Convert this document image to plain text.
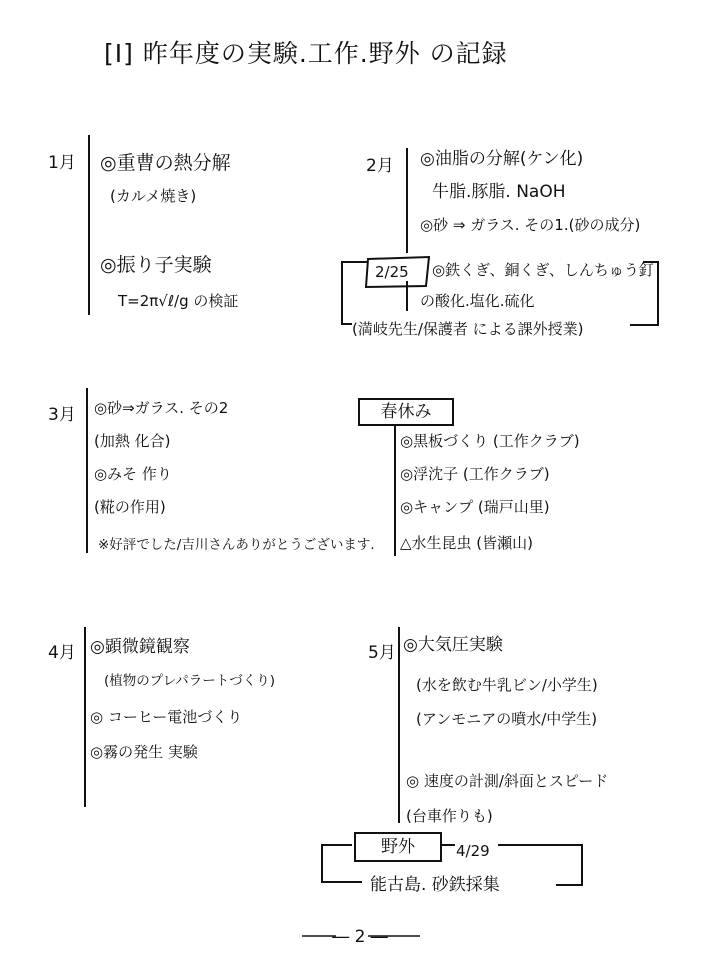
[I] 昨年度の実験.工作.野外 の記録
1月 ◎重曹の熱分解
(カルメ焼き)
◎振り子実験
T=2π√ℓ/g の検証
2月 ◎油脂の分解(ケン化)
牛脂.豚脂. NaOH
◎砂 ⇒ ガラス. その1.(砂の成分)
2/25 ◎鉄くぎ、銅くぎ、しんちゅう釘
の酸化.塩化.硫化
(満岐先生/保護者 による課外授業)
3月 ◎砂⇒ガラス. その2
(加熱 化合)
◎みそ 作り
(糀の作用)
※好評でした/吉川さんありがとうございます.
春休み
◎黒板づくり (工作クラブ)
◎浮沈子 (工作クラブ)
◎キャンプ (瑞戸山里)
△水生昆虫 (皆瀬山)
4月 ◎顕微鏡観察
(植物のプレパラートづくり)
◎ コーヒー電池づくり
◎霧の発生 実験
5月 ◎大気圧実験
(水を飲む牛乳ビン/小学生)
(アンモニアの噴水/中学生)
◎ 速度の計測/斜面とスピード
(台車作りも)
野外	4/29
能古島. 砂鉄採集
― 2 ―
